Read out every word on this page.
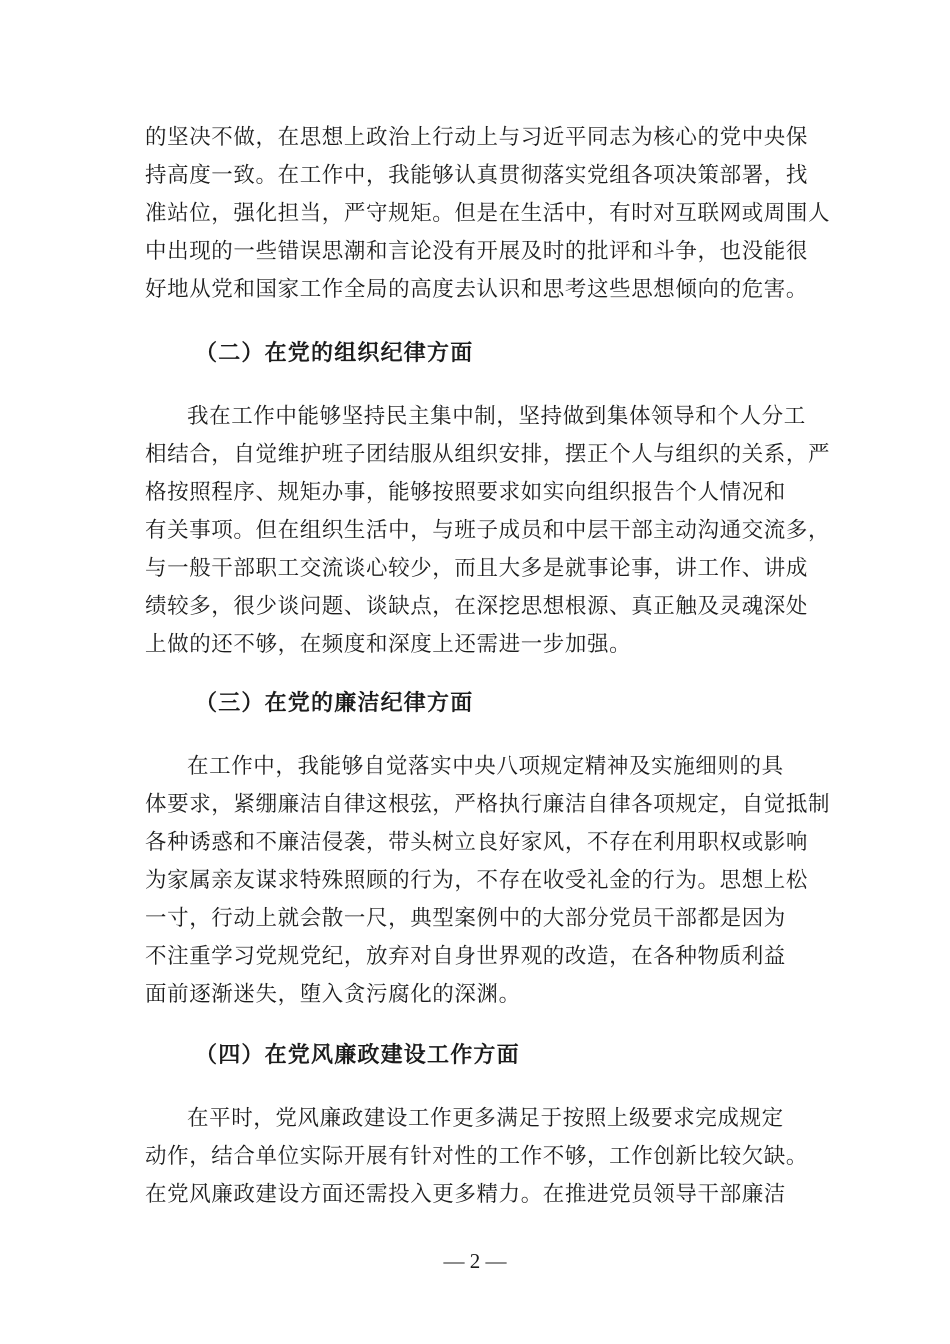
的坚决不做，在思想上政治上行动上与习近平同志为核心的党中央保
持高度一致。在工作中，我能够认真贯彻落实党组各项决策部署，找
准站位，强化担当，严守规矩。但是在生活中，有时对互联网或周围人
中出现的一些错误思潮和言论没有开展及时的批评和斗争，也没能很
好地从党和国家工作全局的高度去认识和思考这些思想倾向的危害。
（二）在党的组织纪律方面
我在工作中能够坚持民主集中制，坚持做到集体领导和个人分工
相结合，自觉维护班子团结服从组织安排，摆正个人与组织的关系，严
格按照程序、规矩办事，能够按照要求如实向组织报告个人情况和
有关事项。但在组织生活中，与班子成员和中层干部主动沟通交流多，
与一般干部职工交流谈心较少，而且大多是就事论事，讲工作、讲成
绩较多，很少谈问题、谈缺点，在深挖思想根源、真正触及灵魂深处
上做的还不够，在频度和深度上还需进一步加强。
（三）在党的廉洁纪律方面
在工作中，我能够自觉落实中央八项规定精神及实施细则的具
体要求，紧绷廉洁自律这根弦，严格执行廉洁自律各项规定，自觉抵制
各种诱惑和不廉洁侵袭，带头树立良好家风，不存在利用职权或影响
为家属亲友谋求特殊照顾的行为，不存在收受礼金的行为。思想上松
一寸，行动上就会散一尺，典型案例中的大部分党员干部都是因为
不注重学习党规党纪，放弃对自身世界观的改造，在各种物质利益
面前逐渐迷失，堕入贪污腐化的深渊。
（四）在党风廉政建设工作方面
在平时，党风廉政建设工作更多满足于按照上级要求完成规定
动作，结合单位实际开展有针对性的工作不够，工作创新比较欠缺。
在党风廉政建设方面还需投入更多精力。在推进党员领导干部廉洁
— 2 —
